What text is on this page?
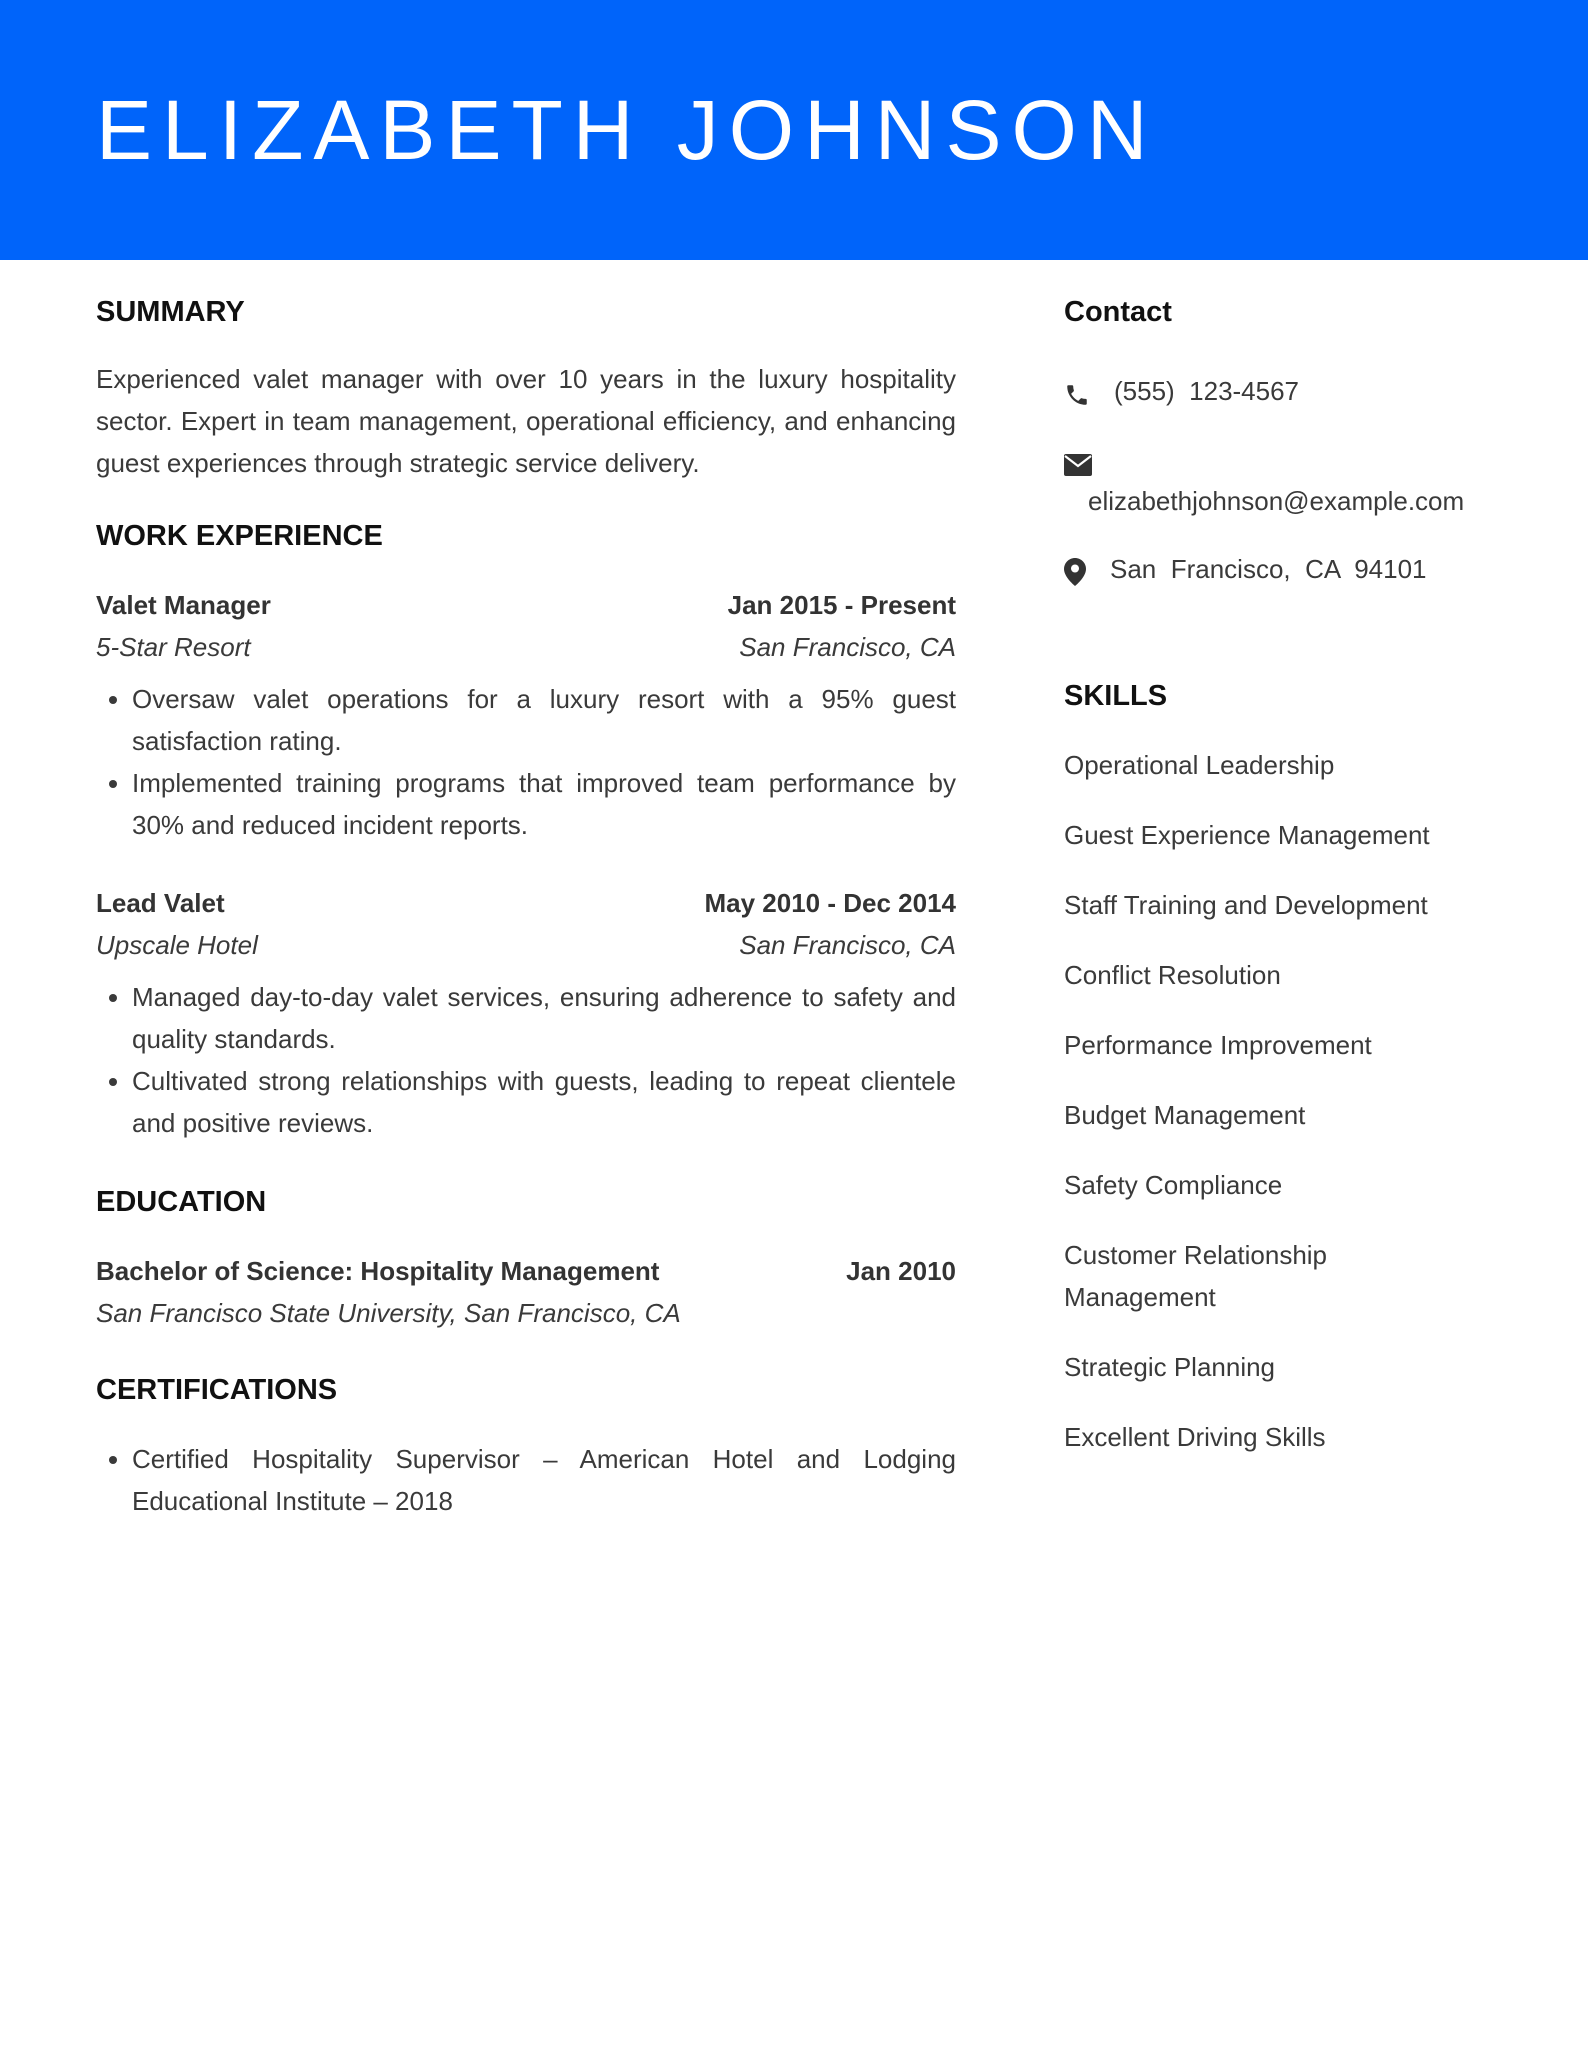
ELIZABETH JOHNSON
SUMMARY

Experienced valet manager with over 10 years in the luxury hospitality sector. Expert in team management, operational efficiency, and enhancing guest experiences through strategic service delivery.

WORK EXPERIENCE
Valet Manager	Jan 2015 - Present
5-Star Resort	San Francisco, CA
• Oversaw valet operations for a luxury resort with a 95% guest satisfaction rating.
• Implemented training programs that improved team performance by 30% and reduced incident reports.
Lead Valet	May 2010 - Dec 2014
Upscale Hotel	San Francisco, CA
• Managed day-to-day valet services, ensuring adherence to safety and quality standards.
• Cultivated strong relationships with guests, leading to repeat clientele and positive reviews.
EDUCATION
Bachelor of Science: Hospitality Management	Jan 2010
San Francisco State University, San Francisco, CA
CERTIFICATIONS
• Certified Hospitality Supervisor – American Hotel and Lodging Educational Institute – 2018
Contact
(555)  123-4567
elizabethjohnson@example.com
San  Francisco,  CA  94101
SKILLS
Operational Leadership
Guest Experience Management
Staff Training and Development
Conflict Resolution
Performance Improvement
Budget Management
Safety Compliance
Customer Relationship Management
Strategic Planning
Excellent Driving Skills
